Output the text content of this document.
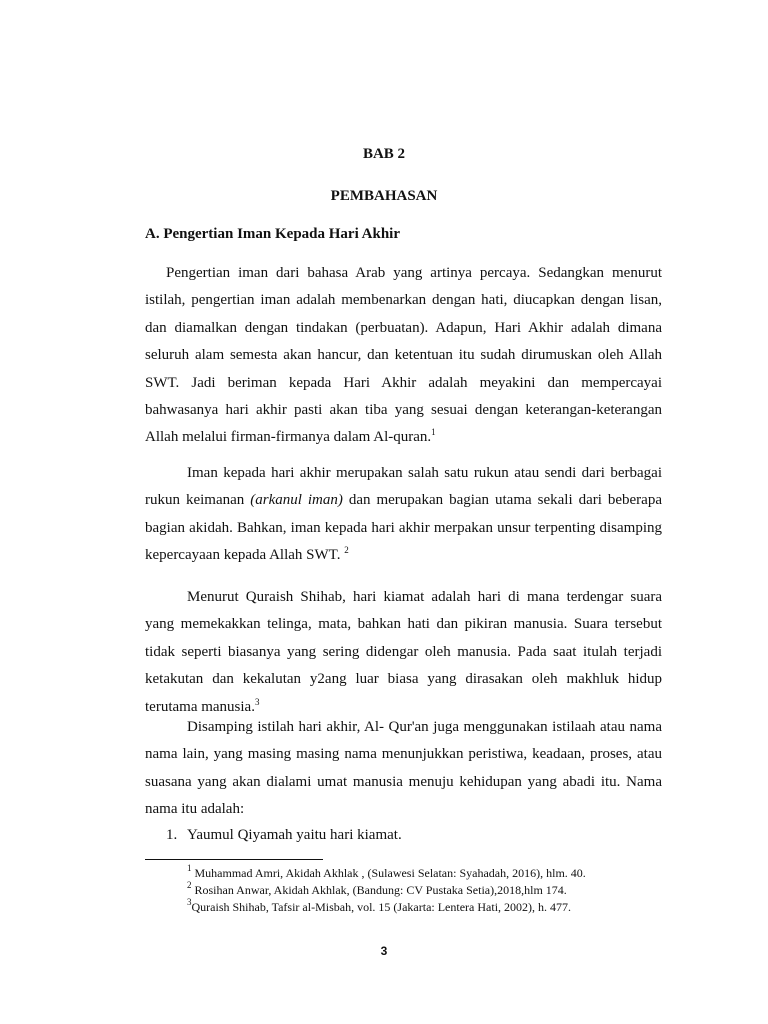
BAB 2
PEMBAHASAN
A. Pengertian Iman Kepada Hari Akhir

Pengertian iman dari bahasa Arab yang artinya percaya. Sedangkan menurut
istilah, pengertian iman adalah membenarkan dengan hati, diucapkan dengan lisan,
dan diamalkan dengan tindakan (perbuatan). Adapun, Hari Akhir adalah dimana
seluruh alam semesta akan hancur, dan ketentuan itu sudah dirumuskan oleh Allah
SWT. Jadi beriman kepada Hari Akhir adalah meyakini dan mempercayai
bahwasanya hari akhir pasti akan tiba yang sesuai dengan keterangan-keterangan
Allah melalui firman-firmanya dalam Al-quran.$^1$

Iman kepada hari akhir merupakan salah satu rukun atau sendi dari berbagai
rukun keimanan (arkanul iman) dan merupakan bagian utama sekali dari beberapa
bagian akidah. Bahkan, iman kepada hari akhir merpakan unsur terpenting disamping
kepercayaan kepada Allah SWT. $^2$

Menurut Quraish Shihab, hari kiamat adalah hari di mana terdengar suara
yang memekakkan telinga, mata, bahkan hati dan pikiran manusia. Suara tersebut
tidak seperti biasanya yang sering didengar oleh manusia. Pada saat itulah terjadi
ketakutan dan kekalutan y2ang luar biasa yang dirasakan oleh makhluk hidup
terutama manusia.$^3$

Disamping istilah hari akhir, Al- Qur'an juga menggunakan istilaah atau nama
nama lain, yang masing masing nama menunjukkan peristiwa, keadaan, proses, atau
suasana yang akan dialami umat manusia menuju kehidupan yang abadi itu. Nama
nama itu adalah:

1. Yaumul Qiyamah yaitu hari kiamat.
$^1$ Muhammad Amri, Akidah Akhlak , (Sulawesi Selatan: Syahadah, 2016), hlm. 40.
$^2$ Rosihan Anwar, Akidah Akhlak, (Bandung: CV Pustaka Setia),2018,hlm 174.
$^3$Quraish Shihab, Tafsir al-Misbah, vol. 15 (Jakarta: Lentera Hati, 2002), h. 477.
3
